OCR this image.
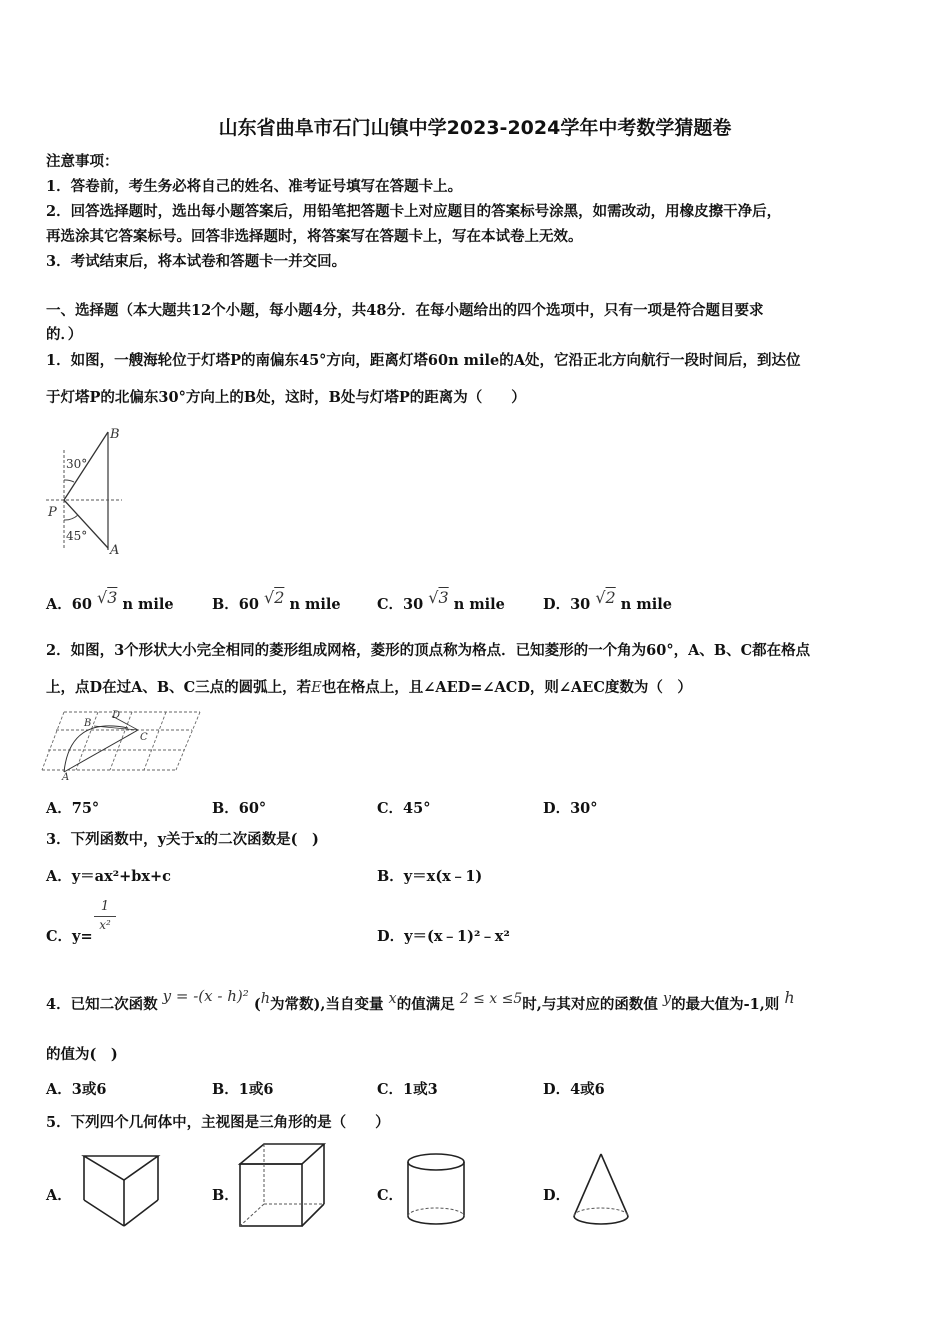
山东省曲阜市石门山镇中学2023-2024学年中考数学猜题卷
注意事项：
1．答卷前，考生务必将自己的姓名、准考证号填写在答题卡上。
2．回答选择题时，选出每小题答案后，用铅笔把答题卡上对应题目的答案标号涂黑，如需改动，用橡皮擦干净后，
再选涂其它答案标号。回答非选择题时，将答案写在答题卡上，写在本试卷上无效。
3．考试结束后，将本试卷和答题卡一并交回。
一、选择题（本大题共12个小题，每小题4分，共48分．在每小题给出的四个选项中，只有一项是符合题目要求
的．）
1．如图，一艘海轮位于灯塔P的南偏东45°方向，距离灯塔60n mile的A处，它沿正北方向航行一段时间后，到达位
于灯塔P的北偏东30°方向上的B处，这时，B处与灯塔P的距离为（　　）
B
P
A
30°
45°
A．60 √3 n mile	B．60 √2 n mile	C．30 √3 n mile	D．30 √2 n mile
2．如图，3个形状大小完全相同的菱形组成网格，菱形的顶点称为格点．已知菱形的一个角为60°，A、B、C都在格点
上，点D在过A、B、C三点的圆弧上，若E也在格点上，且∠AED=∠ACD，则∠AEC度数为（　）
B
D
C
A
A．75°	B．60°	C．45°	D．30°
3．下列函数中，y关于x的二次函数是(　)
A．y＝ax²+bx+c	B．y＝x(x﹣1)
C．y=
1
x²
D．y＝(x﹣1)²﹣x²
4．已知二次函数 y = -(x - h)² (h为常数),当自变量 x的值满足 2 ≤ x ≤5时,与其对应的函数值 y的最大值为-1,则 h
的值为(　)
A．3或6	B．1或6	C．1或3	D．4或6
5．下列四个几何体中，主视图是三角形的是（　　）
A．	B．	C．	D．
